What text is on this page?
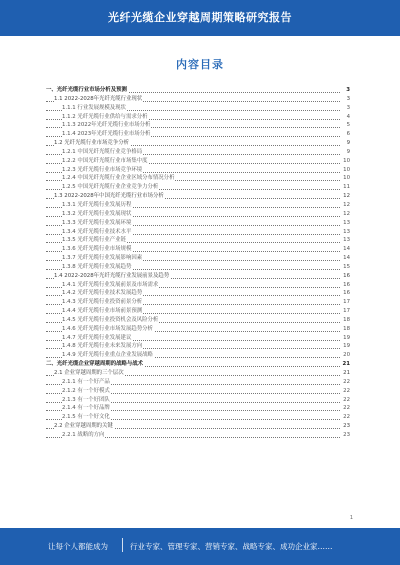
光纤光缆企业穿越周期策略研究报告
内容目录
一、光纤光缆行业市场分析及预测	3
1.1 2022-2028年光纤光缆行业现状	3
1.1.1 行业发展规模及现状	3
1.1.2 光纤光缆行业供给与需求分析	4
1.1.3 2022年光纤光缆行业市场分析	5
1.1.4 2023年光纤光缆行业市场分析	6
1.2 光纤光缆行业市场竞争分析	9
1.2.1 中国光纤光缆行业竞争格局	9
1.2.2 中国光纤光缆行业市场集中度	10
1.2.3 光纤光缆行业市场竞争环境	10
1.2.4 中国光纤光缆行业企业区域分布情况分析	10
1.2.5 中国光纤光缆行业企业竞争力分析	11
1.3 2022-2028年中国光纤光缆行业市场分析	12
1.3.1 光纤光缆行业发展历程	12
1.3.2 光纤光缆行业发展现状	12
1.3.3 光纤光缆行业发展环境	13
1.3.4 光纤光缆行业技术水平	13
1.3.5 光纤光缆行业产业链	13
1.3.6 光纤光缆行业市场规模	14
1.3.7 光纤光缆行业发展影响因素	14
1.3.8 光纤光缆行业发展趋势	15
1.4 2022-2028年光纤光缆行业发展前景及趋势	16
1.4.1 光纤光缆行业发展前景及市场需求	16
1.4.2 光纤光缆行业技术发展趋势	16
1.4.3 光纤光缆行业投资前景分析	17
1.4.4 光纤光缆行业市场前景预测	17
1.4.5 光纤光缆行业投资机会及风险分析	18
1.4.6 光纤光缆行业市场发展趋势分析	18
1.4.7 光纤光缆行业发展建议	19
1.4.8 光纤光缆行业未来发展方向	19
1.4.9 光纤光缆行业重点企业发展战略	20
二、光纤光缆企业穿越周期的战略与战术	21
2.1 企业穿越周期的三个层次	21
2.1.1 有一个好产品	22
2.1.2 有一个好模式	22
2.1.3 有一个好团队	22
2.1.4 有一个好品牌	22
2.1.5 有一个好文化	22
2.2 企业穿越周期的关键	23
2.2.1 战略的方向	23
1
让每个人都能成为	行业专家、管理专家、营销专家、战略专家、成功企业家……
